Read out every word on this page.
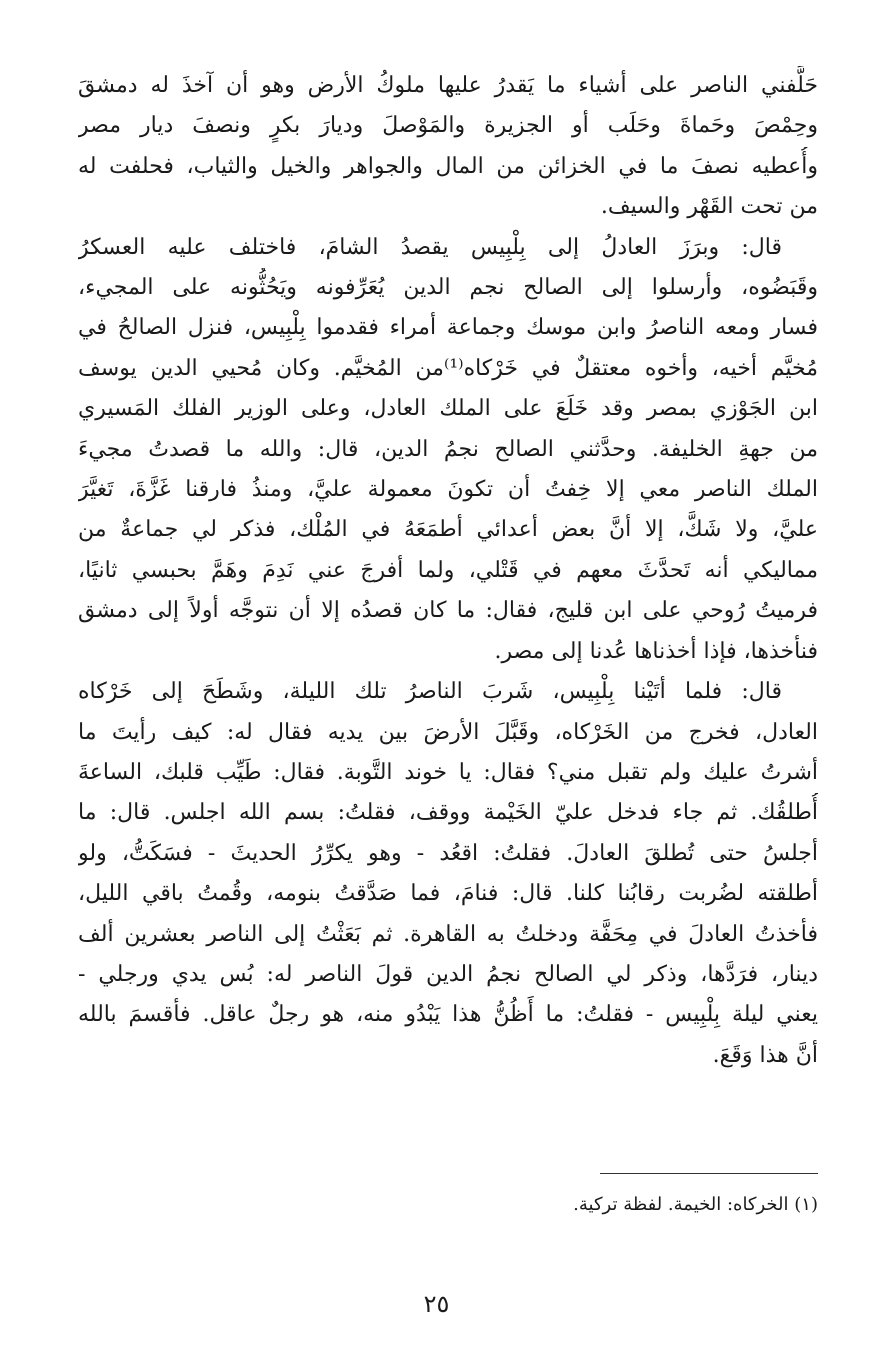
حَلَّفني الناصر على أشياء ما يَقدرُ عليها ملوكُ الأرض وهو أن آخذَ له دمشقَ
وحِمْصَ وحَماةَ وحَلَب أو الجزيرة والمَوْصلَ وديارَ بكرٍ ونصفَ ديار مصر
وأُعطيه نصفَ ما في الخزائن من المال والجواهر والخيل والثياب، فحلفت له
من تحت القَهْر والسيف.

قال: وبرَزَ العادلُ إلى بِلْبِيس يقصدُ الشامَ، فاختلف عليه العسكرُ
وقَبَضُوه، وأرسلوا إلى الصالح نجم الدين يُعَرِّفونه ويَحُثُّونه على المجيء،
فسار ومعه الناصرُ وابن موسك وجماعة أمراء فقدموا بِلْبِيس، فنزل الصالحُ في
مُخيَّم أخيه، وأخوه معتقلٌ في خَرْكاه⁽¹⁾من المُخيَّم. وكان مُحيي الدين يوسف
ابن الجَوْزي بمصر وقد خَلَعَ على الملك العادل، وعلى الوزير الفلك المَسيري
من جهةِ الخليفة. وحدَّثني الصالح نجمُ الدين، قال: والله ما قصدتُ مجيءَ
الملك الناصر معي إلا خِفتُ أن تكونَ معمولة عليَّ، ومنذُ فارقنا غَزَّةَ، تَغيَّرَ
عليَّ، ولا شَكَّ، إلا أنَّ بعض أعدائي أطمَعَهُ في المُلْك، فذكر لي جماعةٌ من
مماليكي أنه تَحدَّثَ معهم في قَتْلي، ولما أفرجَ عني نَدِمَ وهَمَّ بحبسي ثانيًا،
فرميتُ رُوحي على ابن قليج، فقال: ما كان قصدُه إلا أن نتوجَّه أولاً إلى دمشق
فنأخذها، فإذا أخذناها عُدنا إلى مصر.

قال: فلما أتَيْنا بِلْبِيس، شَربَ الناصرُ تلك الليلة، وشَطَحَ إلى خَرْكاه
العادل، فخرج من الخَرْكاه، وقَبَّلَ الأرضَ بين يديه فقال له: كيف رأيتَ ما
أشرتُ عليك ولم تقبل مني؟ فقال: يا خوند التَّوبة. فقال: طَيِّب قلبك، الساعةَ
أُطلقُك. ثم جاء فدخل عليّ الخَيْمة ووقف، فقلتُ: بسم الله اجلس. قال: ما
أجلسُ حتى تُطلقَ العادلَ. فقلتُ: اقعُد - وهو يكرِّرُ الحديثَ - فسَكَتُّ، ولو
أطلقته لضُربت رقابُنا كلنا. قال: فنامَ، فما صَدَّقتُ بنومه، وقُمتُ باقي الليل،
فأخذتُ العادلَ في مِحَفَّة ودخلتُ به القاهرة. ثم بَعَثْتُ إلى الناصر بعشرين ألف
دينار، فرَدَّها، وذكر لي الصالح نجمُ الدين قولَ الناصر له: بُس يدي ورجلي -
يعني ليلة بِلْبِيس - فقلتُ: ما أَظُنُّ هذا يَبْدُو منه، هو رجلٌ عاقل. فأقسمَ بالله
أنَّ هذا وَقَعَ.

(١) الخركاه: الخيمة. لفظة تركية.
٢٥
